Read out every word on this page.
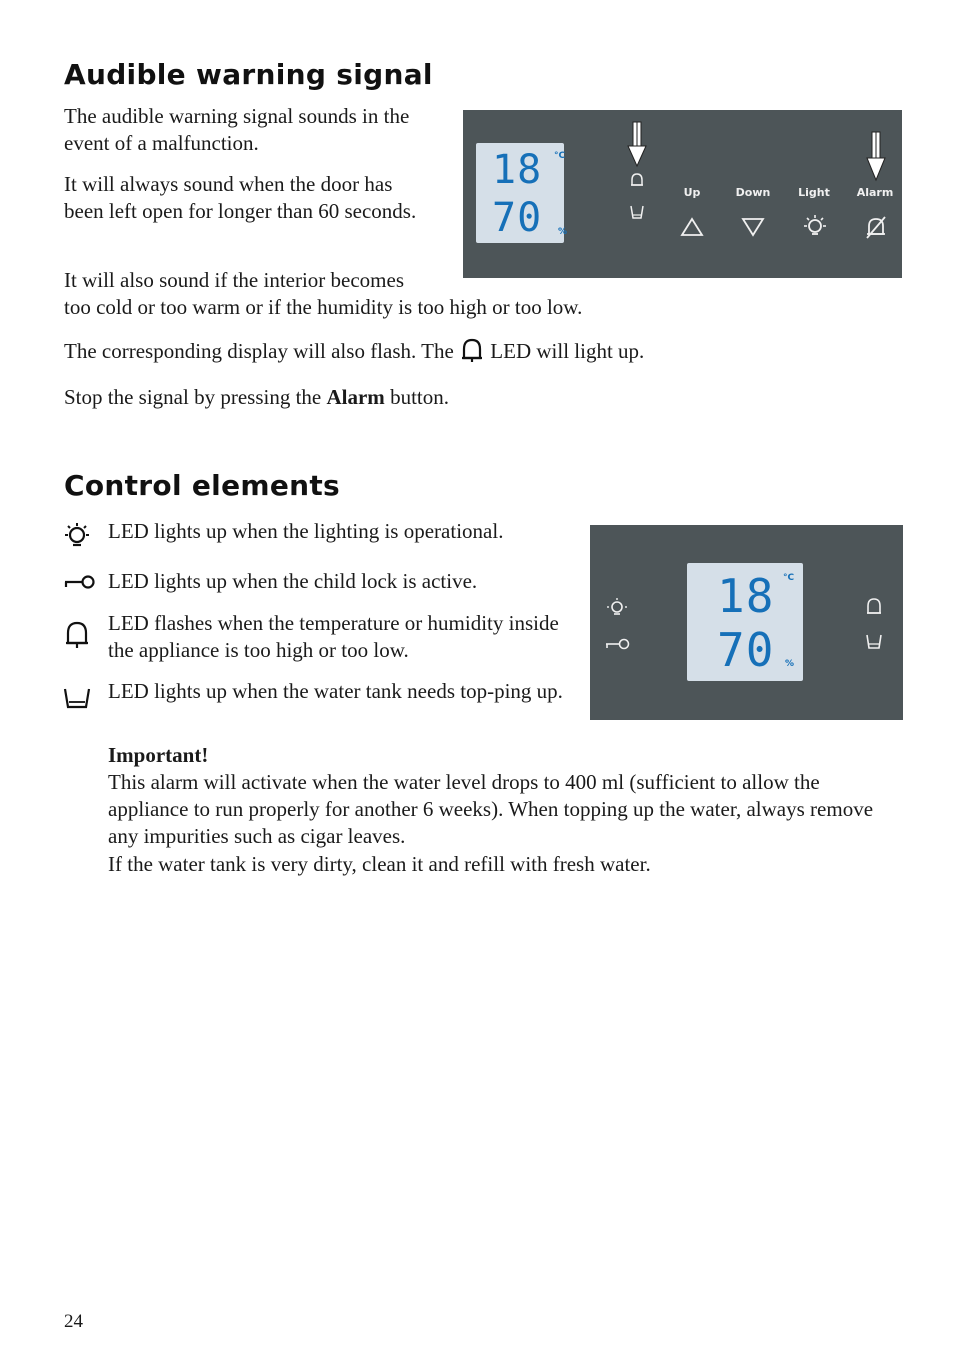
Audible warning signal
The audible warning signal sounds in the event of a malfunction.
It will always sound when the door has been left open for longer than 60 seconds.
It will also sound if the interior becomes
too cold or too warm or if the humidity is too high or too low.
The corresponding display will also flash. The LED will light up.
Stop the signal by pressing the Alarm button.
18 °C
70 %
Up	Down	Light	Alarm
Control elements
LED lights up when the lighting is operational.
LED lights up when the child lock is active.
LED flashes when the temperature or humidity inside the appliance is too high or too low.
LED lights up when the water tank needs top-ping up.
18 °C
70 %
Important!
This alarm will activate when the water level drops to 400 ml (sufficient to allow the appliance to run properly for another 6 weeks). When topping up the water, always remove any impurities such as cigar leaves.
If the water tank is very dirty, clean it and refill with fresh water.
24
